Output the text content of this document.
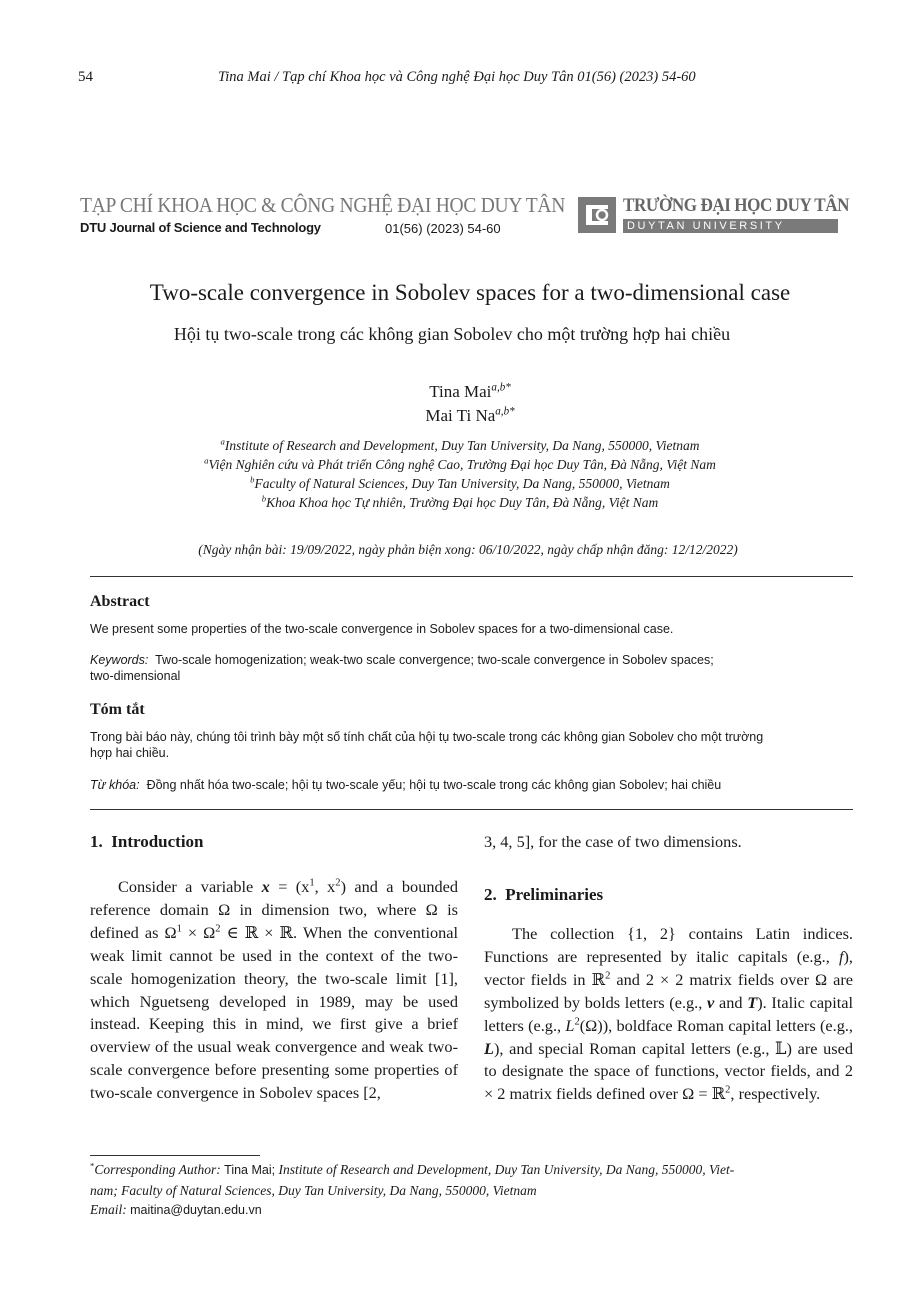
54	Tina Mai / Tạp chí Khoa học và Công nghệ Đại học Duy Tân 01(56) (2023) 54-60
TẠP CHÍ KHOA HỌC & CÔNG NGHỆ ĐẠI HỌC DUY TÂN
DTU Journal of Science and Technology	01(56) (2023) 54-60
TRƯỜNG ĐẠI HỌC DUY TÂN
DUYTAN UNIVERSITY
Two-scale convergence in Sobolev spaces for a two-dimensional case
Hội tụ two-scale trong các không gian Sobolev cho một trường hợp hai chiều
Tina Mai$^{a,b*}$
Mai Ti $Na^{a,b*}$
$^a$Institute of Research and Development, Duy Tan University, Da Nang, 550000, Vietnam
$^a$Viện Nghiên cứu và Phát triển Công nghệ Cao, Trường Đại học Duy Tân, Đà Nẵng, Việt Nam
$^b$Faculty of Natural Sciences, Duy Tan University, Da Nang, 550000, Vietnam
$^b$Khoa Khoa học Tự nhiên, Trường Đại học Duy Tân, Đà Nẵng, Việt Nam
(Ngày nhận bài: 19/09/2022, ngày phản biện xong: 06/10/2022, ngày chấp nhận đăng: 12/12/2022)
Abstract
We present some properties of the two-scale convergence in Sobolev spaces for a two-dimensional case.
Keywords: Two-scale homogenization; weak-two scale convergence; two-scale convergence in Sobolev spaces;
two-dimensional
Tóm tắt
Trong bài báo này, chúng tôi trình bày một số tính chất của hội tụ two-scale trong các không gian Sobolev cho một trường
hợp hai chiều.
Từ khóa: Đồng nhất hóa two-scale; hội tụ two-scale yếu; hội tụ two-scale trong các không gian Sobolev; hai chiều
1. Introduction

Consider a variable $x = (x^1$, $x^2$) and a bounded reference domain Ω in dimension two, where Ω is defined as $\Omega^1 \times \Omega^2$ ∈ ℝ × ℝ. When the conventional weak limit cannot be used in the context of the two-scale homogenization theory, the two-scale limit [1], which Nguetseng developed in 1989, may be used instead. Keeping this in mind, we first give a brief overview of the usual weak convergence and weak two-scale convergence before presenting some properties of two-scale convergence in Sobolev spaces [2,

3, 4, 5], for the case of two dimensions.
2. Preliminaries

The collection {1, 2} contains Latin indices. Functions are represented by italic capitals (e.g., f), vector fields in ℝ$^2$ and 2 × 2 matrix fields over Ω are symbolized by bolds letters (e.g., v and T). Italic capital letters (e.g., $L^2(\Omega)$), boldface Roman capital letters (e.g., L), and special Roman capital letters (e.g., 𝕃) are used to designate the space of functions, vector fields, and 2 × 2 matrix fields defined over Ω = ℝ$^2$, respectively.

*Corresponding Author: Tina Mai; Institute of Research and Development, Duy Tan University, Da Nang, 550000, Viet-
nam; Faculty of Natural Sciences, Duy Tan University, Da Nang, 550000, Vietnam
Email: maitina@duytan.edu.vn
